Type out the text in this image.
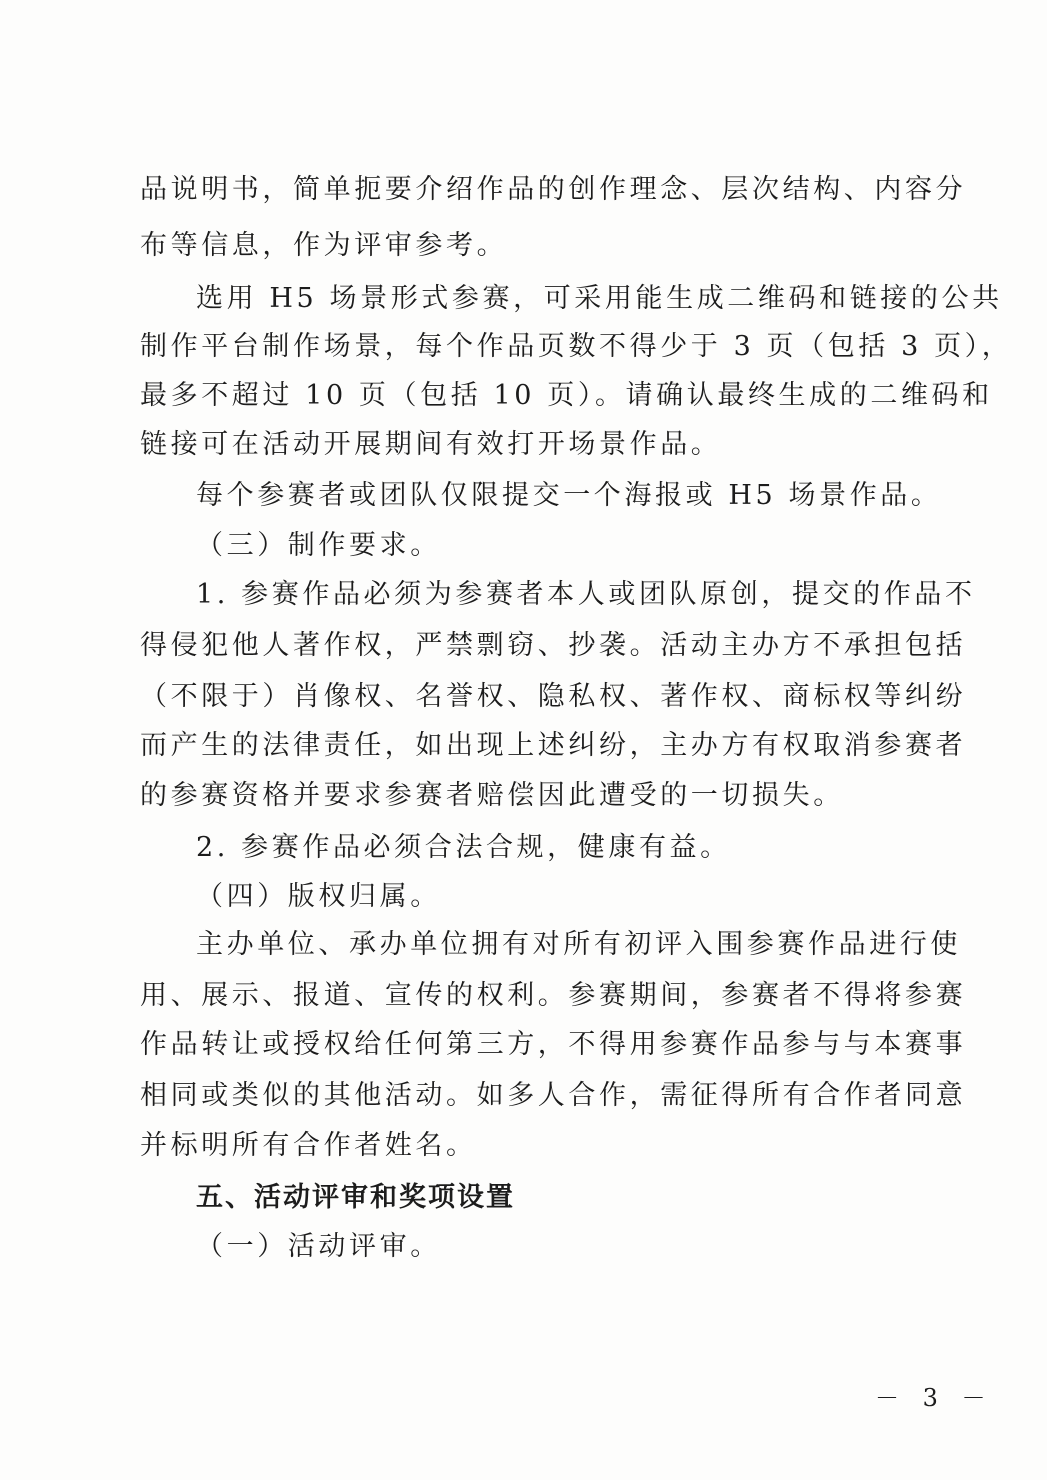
品说明书，简单扼要介绍作品的创作理念、层次结构、内容分
布等信息，作为评审参考。
选用 H5 场景形式参赛，可采用能生成二维码和链接的公共
制作平台制作场景，每个作品页数不得少于 3 页（包括 3 页），
最多不超过 10 页（包括 10 页）。请确认最终生成的二维码和
链接可在活动开展期间有效打开场景作品。
每个参赛者或团队仅限提交一个海报或 H5 场景作品。
（三）制作要求。
1. 参赛作品必须为参赛者本人或团队原创，提交的作品不
得侵犯他人著作权，严禁剽窃、抄袭。活动主办方不承担包括
（不限于）肖像权、名誉权、隐私权、著作权、商标权等纠纷
而产生的法律责任，如出现上述纠纷，主办方有权取消参赛者
的参赛资格并要求参赛者赔偿因此遭受的一切损失。
2. 参赛作品必须合法合规，健康有益。
（四）版权归属。
主办单位、承办单位拥有对所有初评入围参赛作品进行使
用、展示、报道、宣传的权利。参赛期间，参赛者不得将参赛
作品转让或授权给任何第三方，不得用参赛作品参与与本赛事
相同或类似的其他活动。如多人合作，需征得所有合作者同意
并标明所有合作者姓名。
五、活动评审和奖项设置
（一）活动评审。
－ 3 －
